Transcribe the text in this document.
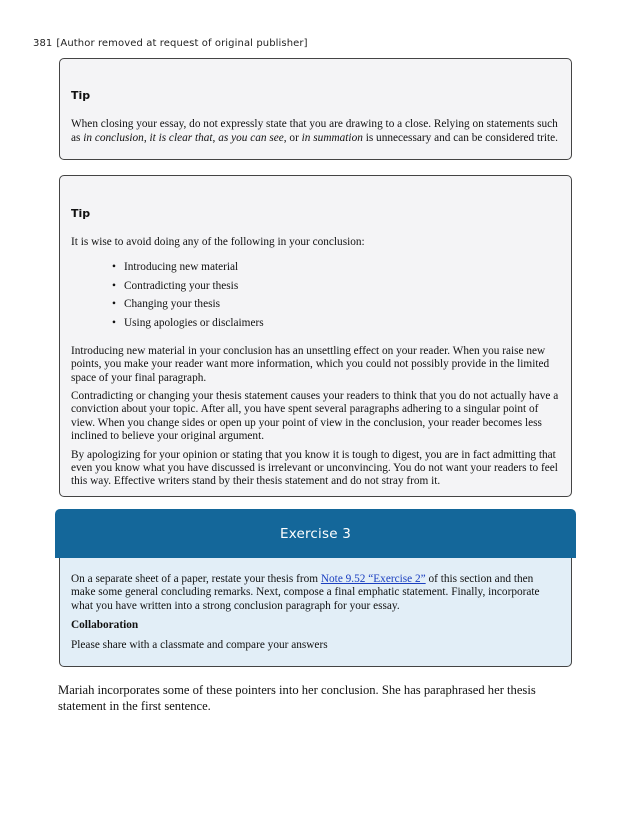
381 [Author removed at request of original publisher]
Tip

When closing your essay, do not expressly state that you are drawing to a close. Relying on statements such as in conclusion, it is clear that, as you can see, or in summation is unnecessary and can be considered trite.

Tip

It is wise to avoid doing any of the following in your conclusion:

• Introducing new material
• Contradicting your thesis
• Changing your thesis
• Using apologies or disclaimers

Introducing new material in your conclusion has an unsettling effect on your reader. When you raise new points, you make your reader want more information, which you could not possibly provide in the limited space of your final paragraph.

Contradicting or changing your thesis statement causes your readers to think that you do not actually have a conviction about your topic. After all, you have spent several paragraphs adhering to a singular point of view. When you change sides or open up your point of view in the conclusion, your reader becomes less inclined to believe your original argument.

By apologizing for your opinion or stating that you know it is tough to digest, you are in fact admitting that even you know what you have discussed is irrelevant or unconvincing. You do not want your readers to feel this way. Effective writers stand by their thesis statement and do not stray from it.

Exercise 3

On a separate sheet of a paper, restate your thesis from Note 9.52 “Exercise 2” of this section and then make some general concluding remarks. Next, compose a final emphatic statement. Finally, incorporate what you have written into a strong conclusion paragraph for your essay.

Collaboration

Please share with a classmate and compare your answers

Mariah incorporates some of these pointers into her conclusion. She has paraphrased her thesis statement in the first sentence.
